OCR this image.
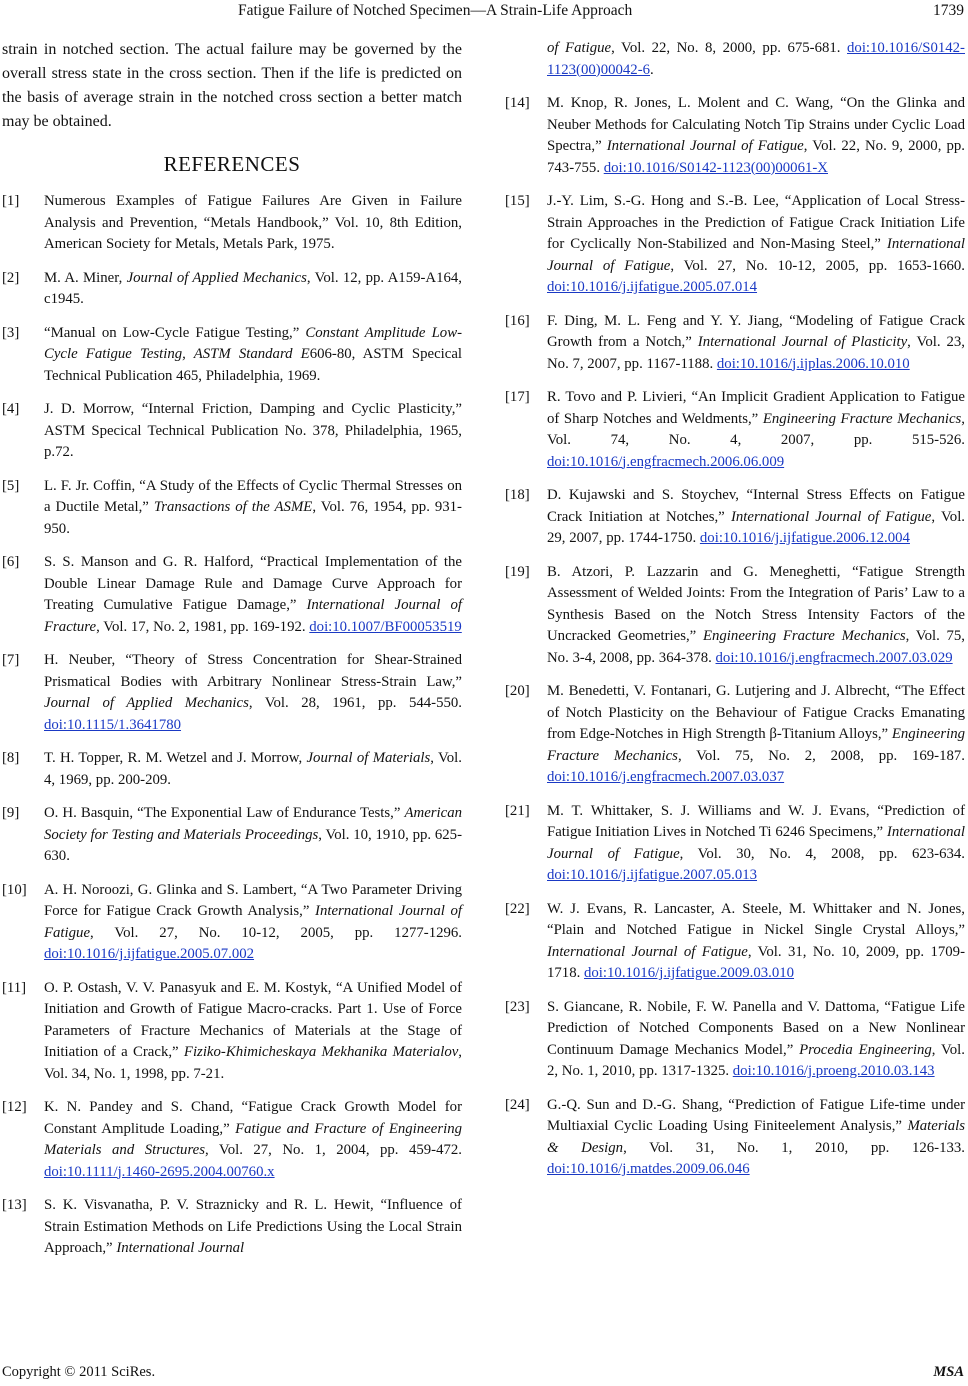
Fatigue Failure of Notched Specimen—A Strain-Life Approach	1739

strain in notched section. The actual failure may be governed by the overall stress state in the cross section. Then if the life is predicted on the basis of average strain in the notched cross section a better match may be obtained.

REFERENCES
[1] Numerous Examples of Fatigue Failures Are Given in Failure Analysis and Prevention, “Metals Handbook,” Vol. 10, 8th Edition, American Society for Metals, Metals Park, 1975.
[2] M. A. Miner, Journal of Applied Mechanics, Vol. 12, pp. A159-A164, c1945.
[3] “Manual on Low-Cycle Fatigue Testing,” Constant Amplitude Low-Cycle Fatigue Testing, ASTM Standard E606-80, ASTM Specical Technical Publication 465, Philadelphia, 1969.
[4] J. D. Morrow, “Internal Friction, Damping and Cyclic Plasticity,” ASTM Specical Technical Publication No. 378, Philadelphia, 1965, p.72.
[5] L. F. Jr. Coffin, “A Study of the Effects of Cyclic Thermal Stresses on a Ductile Metal,” Transactions of the ASME, Vol. 76, 1954, pp. 931-950.
[6] S. S. Manson and G. R. Halford, “Practical Implementation of the Double Linear Damage Rule and Damage Curve Approach for Treating Cumulative Fatigue Damage,” International Journal of Fracture, Vol. 17, No. 2, 1981, pp. 169-192. doi:10.1007/BF00053519
[7] H. Neuber, “Theory of Stress Concentration for Shear-Strained Prismatical Bodies with Arbitrary Nonlinear Stress-Strain Law,” Journal of Applied Mechanics, Vol. 28, 1961, pp. 544-550. doi:10.1115/1.3641780
[8] T. H. Topper, R. M. Wetzel and J. Morrow, Journal of Materials, Vol. 4, 1969, pp. 200-209.
[9] O. H. Basquin, “The Exponential Law of Endurance Tests,” American Society for Testing and Materials Proceedings, Vol. 10, 1910, pp. 625-630.
[10] A. H. Noroozi, G. Glinka and S. Lambert, “A Two Parameter Driving Force for Fatigue Crack Growth Analysis,” International Journal of Fatigue, Vol. 27, No. 10-12, 2005, pp. 1277-1296. doi:10.1016/j.ijfatigue.2005.07.002
[11] O. P. Ostash, V. V. Panasyuk and E. M. Kostyk, “A Unified Model of Initiation and Growth of Fatigue Macro-cracks. Part 1. Use of Force Parameters of Fracture Mechanics of Materials at the Stage of Initiation of a Crack,” Fiziko-Khimicheskaya Mekhanika Materialov, Vol. 34, No. 1, 1998, pp. 7-21.
[12] K. N. Pandey and S. Chand, “Fatigue Crack Growth Model for Constant Amplitude Loading,” Fatigue and Fracture of Engineering Materials and Structures, Vol. 27, No. 1, 2004, pp. 459-472. doi:10.1111/j.1460-2695.2004.00760.x
[13] S. K. Visvanatha, P. V. Straznicky and R. L. Hewit, “Influence of Strain Estimation Methods on Life Predictions Using the Local Strain Approach,” International Journal
of Fatigue, Vol. 22, No. 8, 2000, pp. 675-681. doi:10.1016/S0142-1123(00)00042-6.
[14] M. Knop, R. Jones, L. Molent and C. Wang, “On the Glinka and Neuber Methods for Calculating Notch Tip Strains under Cyclic Load Spectra,” International Journal of Fatigue, Vol. 22, No. 9, 2000, pp. 743-755. doi:10.1016/S0142-1123(00)00061-X
[15] J.-Y. Lim, S.-G. Hong and S.-B. Lee, “Application of Local Stress-Strain Approaches in the Prediction of Fatigue Crack Initiation Life for Cyclically Non-Stabilized and Non-Masing Steel,” International Journal of Fatigue, Vol. 27, No. 10-12, 2005, pp. 1653-1660. doi:10.1016/j.ijfatigue.2005.07.014
[16] F. Ding, M. L. Feng and Y. Y. Jiang, “Modeling of Fatigue Crack Growth from a Notch,” International Journal of Plasticity, Vol. 23, No. 7, 2007, pp. 1167-1188. doi:10.1016/j.ijplas.2006.10.010
[17] R. Tovo and P. Livieri, “An Implicit Gradient Application to Fatigue of Sharp Notches and Weldments,” Engineering Fracture Mechanics, Vol. 74, No. 4, 2007, pp. 515-526. doi:10.1016/j.engfracmech.2006.06.009
[18] D. Kujawski and S. Stoychev, “Internal Stress Effects on Fatigue Crack Initiation at Notches,” International Journal of Fatigue, Vol. 29, 2007, pp. 1744-1750. doi:10.1016/j.ijfatigue.2006.12.004
[19] B. Atzori, P. Lazzarin and G. Meneghetti, “Fatigue Strength Assessment of Welded Joints: From the Integration of Paris’ Law to a Synthesis Based on the Notch Stress Intensity Factors of the Uncracked Geometries,” Engineering Fracture Mechanics, Vol. 75, No. 3-4, 2008, pp. 364-378. doi:10.1016/j.engfracmech.2007.03.029
[20] M. Benedetti, V. Fontanari, G. Lutjering and J. Albrecht, “The Effect of Notch Plasticity on the Behaviour of Fatigue Cracks Emanating from Edge-Notches in High Strength β-Titanium Alloys,” Engineering Fracture Mechanics, Vol. 75, No. 2, 2008, pp. 169-187. doi:10.1016/j.engfracmech.2007.03.037
[21] M. T. Whittaker, S. J. Williams and W. J. Evans, “Prediction of Fatigue Initiation Lives in Notched Ti 6246 Specimens,” International Journal of Fatigue, Vol. 30, No. 4, 2008, pp. 623-634. doi:10.1016/j.ijfatigue.2007.05.013
[22] W. J. Evans, R. Lancaster, A. Steele, M. Whittaker and N. Jones, “Plain and Notched Fatigue in Nickel Single Crystal Alloys,” International Journal of Fatigue, Vol. 31, No. 10, 2009, pp. 1709-1718. doi:10.1016/j.ijfatigue.2009.03.010
[23] S. Giancane, R. Nobile, F. W. Panella and V. Dattoma, “Fatigue Life Prediction of Notched Components Based on a New Nonlinear Continuum Damage Mechanics Model,” Procedia Engineering, Vol. 2, No. 1, 2010, pp. 1317-1325. doi:10.1016/j.proeng.2010.03.143
[24] G.-Q. Sun and D.-G. Shang, “Prediction of Fatigue Life-time under Multiaxial Cyclic Loading Using Finiteelement Analysis,” Materials & Design, Vol. 31, No. 1, 2010, pp. 126-133. doi:10.1016/j.matdes.2009.06.046
Copyright © 2011 SciRes.	MSA
